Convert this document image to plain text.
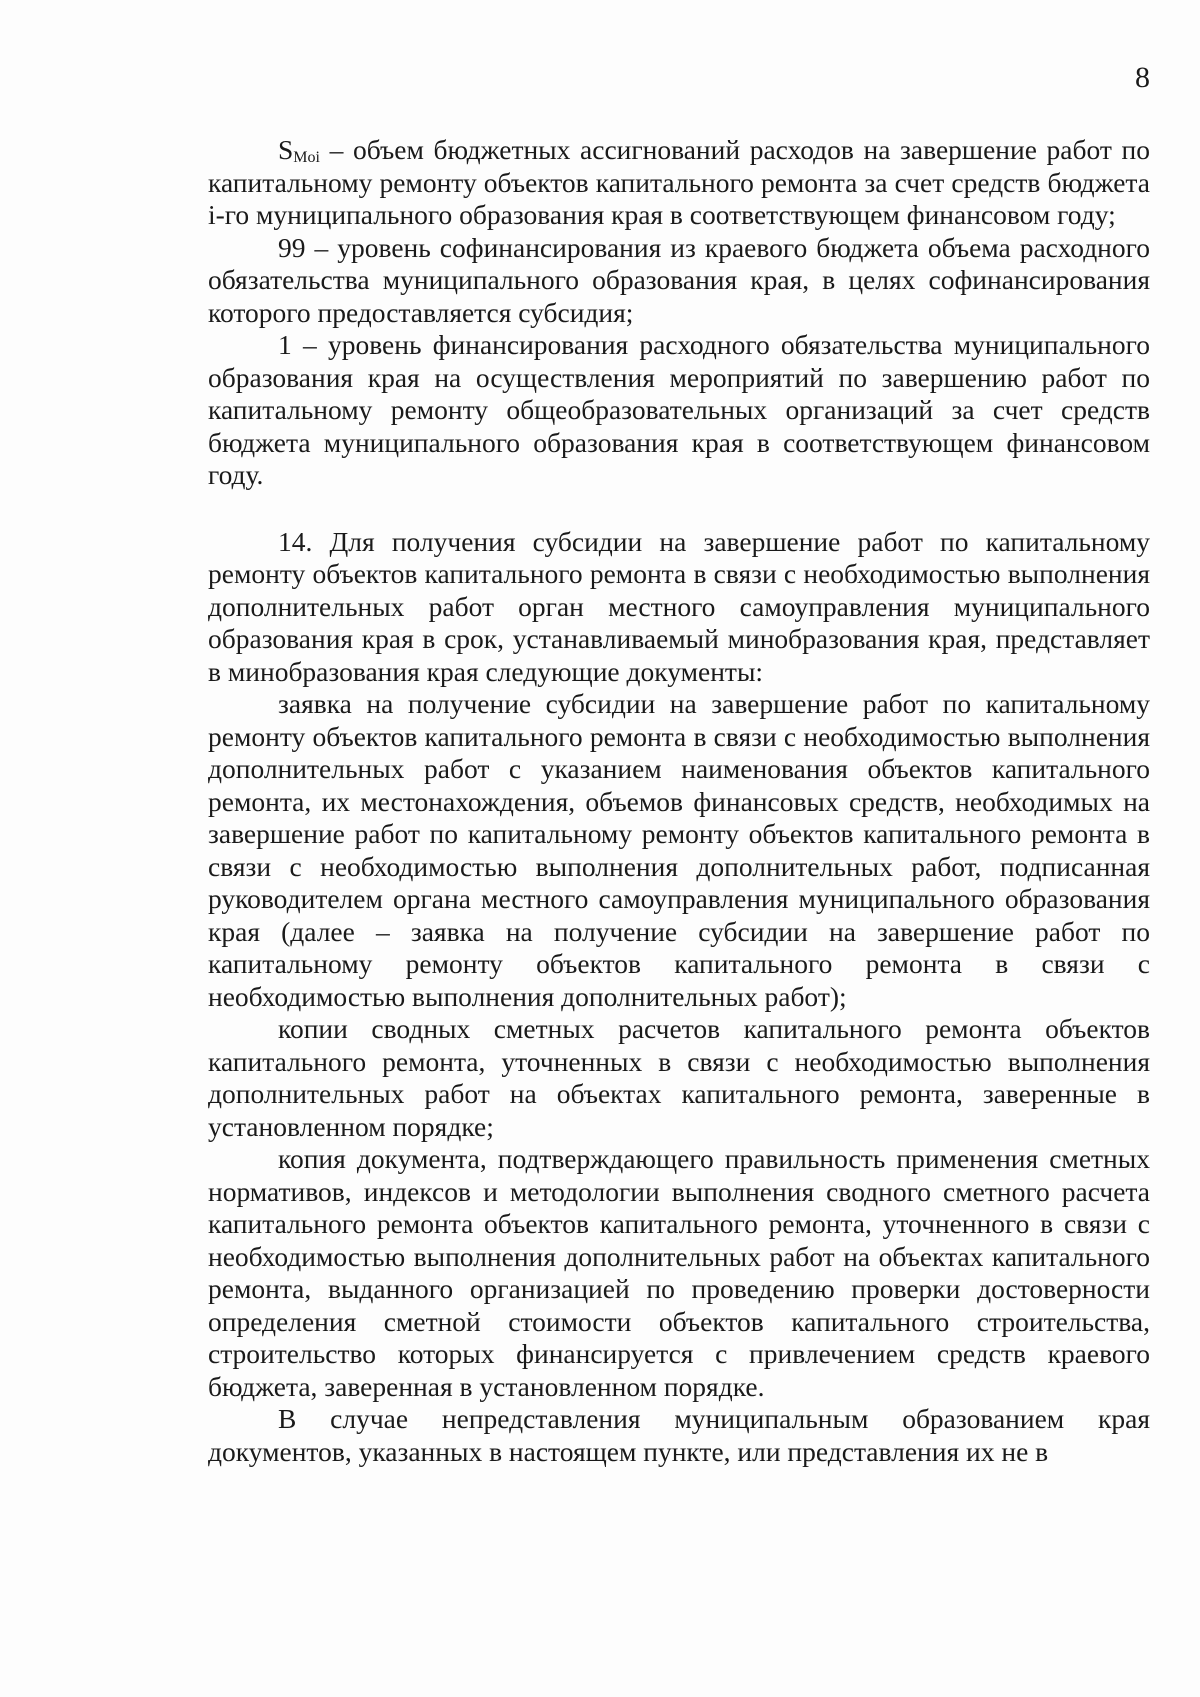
8

$S_{Moi}$ – объем бюджетных ассигнований расходов на завершение работ по капитальному ремонту объектов капитального ремонта за счет средств бюджета i-го муниципального образования края в соответствующем финансовом году;

99 – уровень софинансирования из краевого бюджета объема расходного обязательства муниципального образования края, в целях софинансирования которого предоставляется субсидия;

1 – уровень финансирования расходного обязательства муниципального образования края на осуществления мероприятий по завершению работ по капитальному ремонту общеобразовательных организаций за счет средств бюджета муниципального образования края в соответствующем финансовом году.

14. Для получения субсидии на завершение работ по капитальному ремонту объектов капитального ремонта в связи с необходимостью выполнения дополнительных работ орган местного самоуправления муниципального образования края в срок, устанавливаемый минобразования края, представляет в минобразования края следующие документы:

заявка на получение субсидии на завершение работ по капитальному ремонту объектов капитального ремонта в связи с необходимостью выполнения дополнительных работ с указанием наименования объектов капитального ремонта, их местонахождения, объемов финансовых средств, необходимых на завершение работ по капитальному ремонту объектов капитального ремонта в связи с необходимостью выполнения дополнительных работ, подписанная руководителем органа местного самоуправления муниципального образования края (далее – заявка на получение субсидии на завершение работ по капитальному ремонту объектов капитального ремонта в связи с необходимостью выполнения дополнительных работ);

копии сводных сметных расчетов капитального ремонта объектов капитального ремонта, уточненных в связи с необходимостью выполнения дополнительных работ на объектах капитального ремонта, заверенные в установленном порядке;

копия документа, подтверждающего правильность применения сметных нормативов, индексов и методологии выполнения сводного сметного расчета капитального ремонта объектов капитального ремонта, уточненного в связи с необходимостью выполнения дополнительных работ на объектах капитального ремонта, выданного организацией по проведению проверки достоверности определения сметной стоимости объектов капитального строительства, строительство которых финансируется с привлечением средств краевого бюджета, заверенная в установленном порядке.

В случае непредставления муниципальным образованием края документов, указанных в настоящем пункте, или представления их не в
